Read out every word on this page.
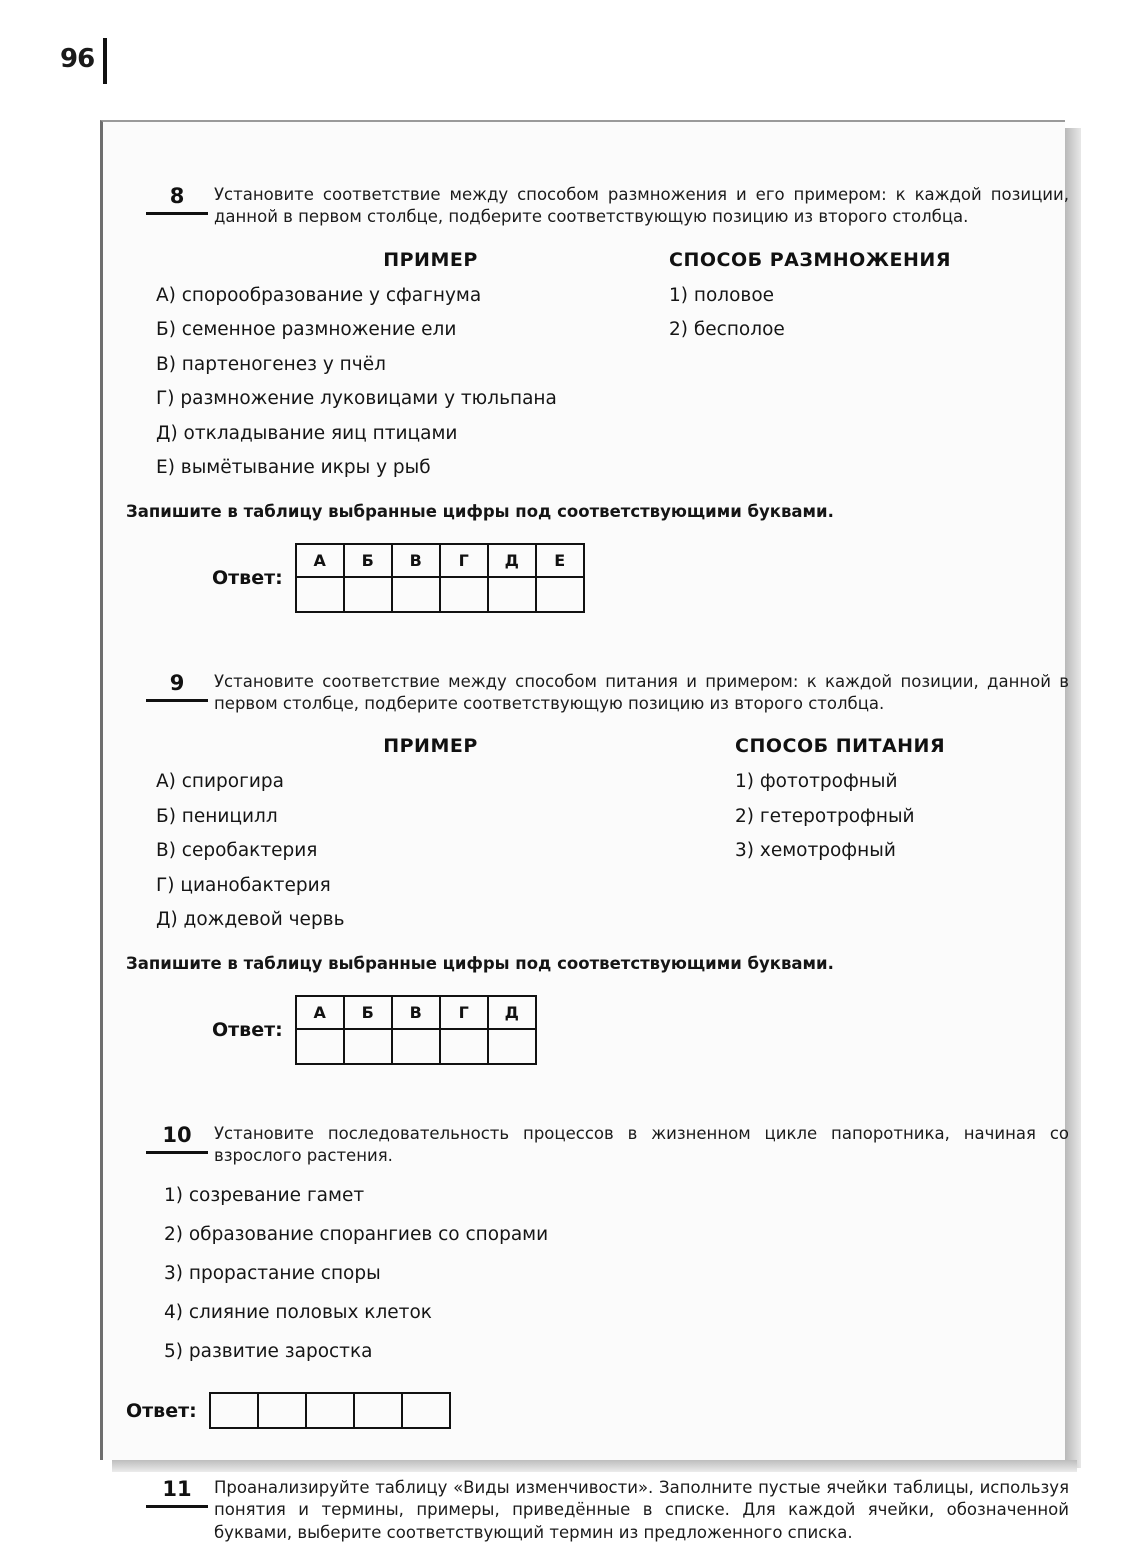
96
8	Установите соответствие между способом размножения и его примером: к каждой позиции, данной в первом столбце, подберите соответствующую позицию из второго столбца.
ПРИМЕР
А) спорообразование у сфагнума
Б) семенное размножение ели
В) партеногенез у пчёл
Г) размножение луковицами у тюльпана
Д) откладывание яиц птицами
Е) вымётывание икры у рыб
СПОСОБ РАЗМНОЖЕНИЯ
1) половое
2) бесполое
Запишите в таблицу выбранные цифры под соответствующими буквами.
Ответ:
А	Б	В	Г	Д	Е

9	Установите соответствие между способом питания и примером: к каждой позиции, данной в первом столбце, подберите соответствующую позицию из второго столбца.
ПРИМЕР
А) спирогира
Б) пеницилл
В) серобактерия
Г) цианобактерия
Д) дождевой червь
СПОСОБ ПИТАНИЯ
1) фототрофный
2) гетеротрофный
3) хемотрофный
Запишите в таблицу выбранные цифры под соответствующими буквами.
Ответ:
А	Б	В	Г	Д

10	Установите последовательность процессов в жизненном цикле папоротника, начиная со взрослого растения.
1) созревание гамет
2) образование спорангиев со спорами
3) прорастание споры
4) слияние половых клеток
5) развитие заростка
Ответ:

11	Проанализируйте таблицу «Виды изменчивости». Заполните пустые ячейки таблицы, используя понятия и термины, примеры, приведённые в списке. Для каждой ячейки, обозначенной буквами, выберите соответствующий термин из предложенного списка.
